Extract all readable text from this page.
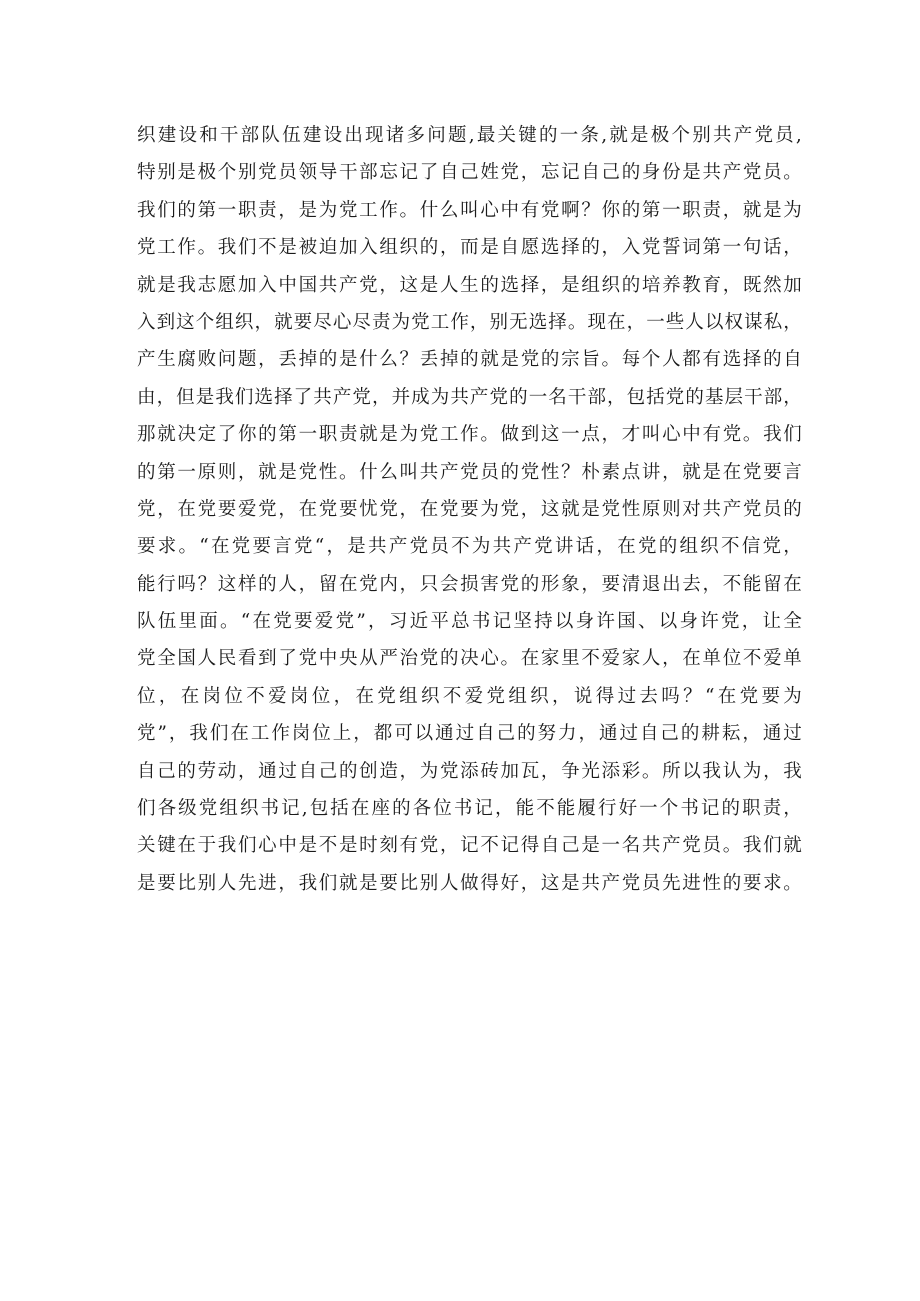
织建设和干部队伍建设出现诸多问题,最关键的一条,就是极个别共产党员,
特别是极个别党员领导干部忘记了自己姓党，忘记自己的身份是共产党员。
我们的第一职责，是为党工作。什么叫心中有党啊？你的第一职责，就是为
党工作。我们不是被迫加入组织的，而是自愿选择的，入党誓词第一句话，
就是我志愿加入中国共产党，这是人生的选择，是组织的培养教育，既然加
入到这个组织，就要尽心尽责为党工作，别无选择。现在，一些人以权谋私，
产生腐败问题，丢掉的是什么？丢掉的就是党的宗旨。每个人都有选择的自
由，但是我们选择了共产党，并成为共产党的一名干部，包括党的基层干部，
那就决定了你的第一职责就是为党工作。做到这一点，才叫心中有党。我们
的第一原则，就是党性。什么叫共产党员的党性？朴素点讲，就是在党要言
党，在党要爱党，在党要忧党，在党要为党，这就是党性原则对共产党员的
要求。“在党要言党“，是共产党员不为共产党讲话，在党的组织不信党，
能行吗？这样的人，留在党内，只会损害党的形象，要清退出去，不能留在
队伍里面。“在党要爱党”，习近平总书记坚持以身许国、以身许党，让全
党全国人民看到了党中央从严治党的决心。在家里不爱家人，在单位不爱单
位，在岗位不爱岗位，在党组织不爱党组织，说得过去吗？“在党要为
党”，我们在工作岗位上，都可以通过自己的努力，通过自己的耕耘，通过
自己的劳动，通过自己的创造，为党添砖加瓦，争光添彩。所以我认为，我
们各级党组织书记,包括在座的各位书记，能不能履行好一个书记的职责，
关键在于我们心中是不是时刻有党，记不记得自己是一名共产党员。我们就
是要比别人先进，我们就是要比别人做得好，这是共产党员先进性的要求。
